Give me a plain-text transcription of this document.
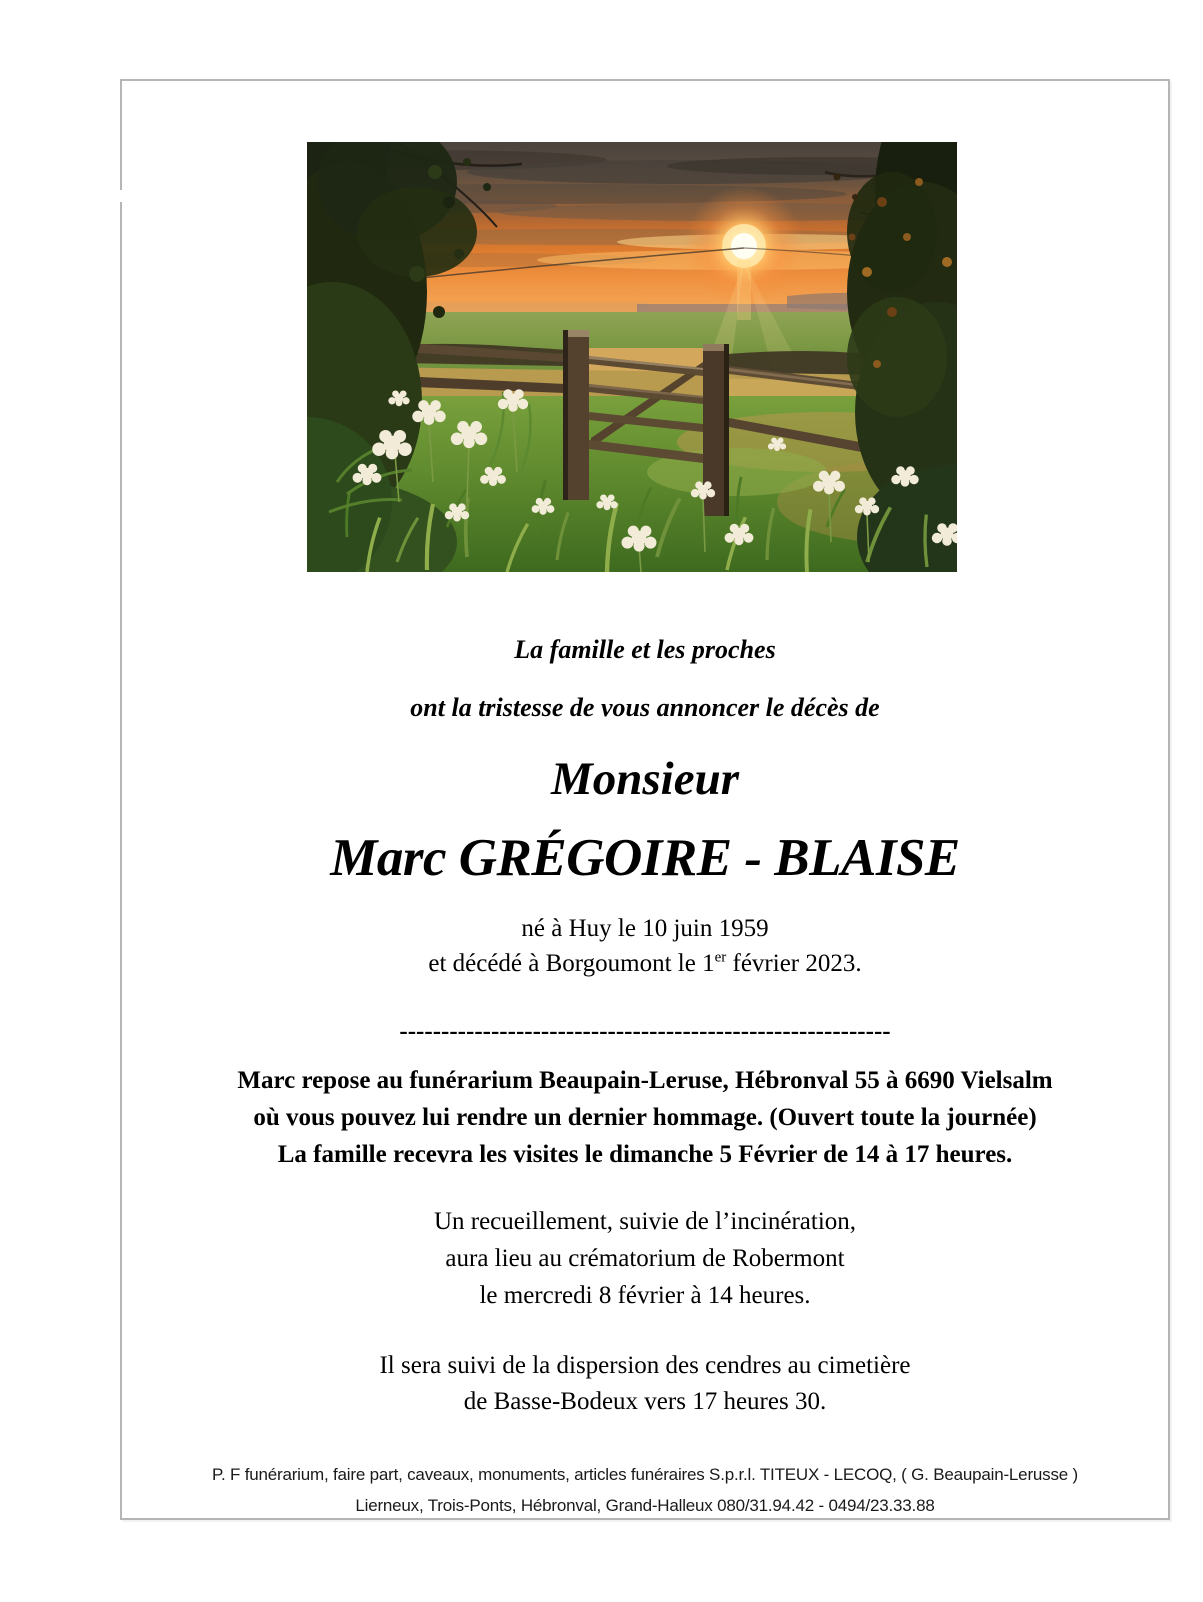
La famille et les proches
ont la tristesse de vous annoncer le décès de
Monsieur
Marc GRÉGOIRE - BLAISE
né à Huy le 10 juin 1959
et décédé à Borgoumont le 1er février 2023.
-----------------------------------------------------------
Marc repose au funérarium Beaupain-Leruse, Hébronval 55 à 6690 Vielsalm
où vous pouvez lui rendre un dernier hommage. (Ouvert toute la journée)
La famille recevra les visites le dimanche 5 Février de 14 à 17 heures.
Un recueillement, suivie de l’incinération,
aura lieu au crématorium de Robermont
le mercredi 8 février à 14 heures.
Il sera suivi de la dispersion des cendres au cimetière
de Basse-Bodeux vers 17 heures 30.
P. F funérarium, faire part, caveaux, monuments, articles funéraires S.p.r.l. TITEUX - LECOQ, ( G. Beaupain-Lerusse )
Lierneux, Trois-Ponts, Hébronval, Grand-Halleux 080/31.94.42 - 0494/23.33.88
